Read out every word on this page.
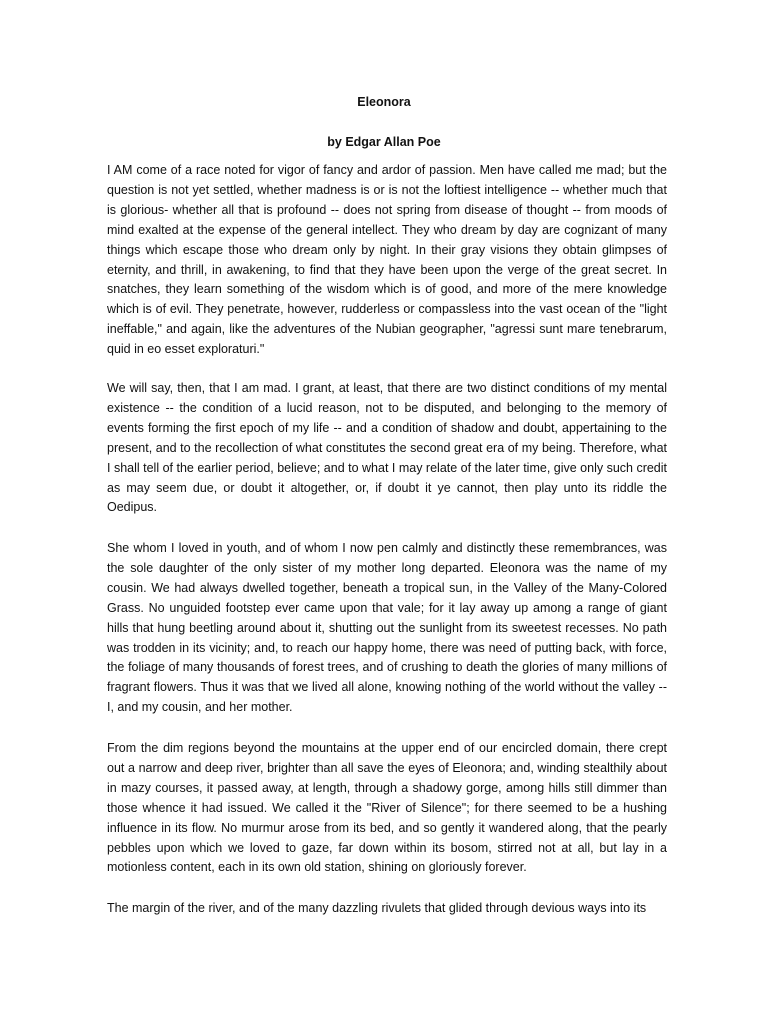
Eleonora
by Edgar Allan Poe

I AM come of a race noted for vigor of fancy and ardor of passion. Men have called me mad; but the question is not yet settled, whether madness is or is not the loftiest intelligence -- whether much that is glorious- whether all that is profound -- does not spring from disease of thought -- from moods of mind exalted at the expense of the general intellect. They who dream by day are cognizant of many things which escape those who dream only by night. In their gray visions they obtain glimpses of eternity, and thrill, in awakening, to find that they have been upon the verge of the great secret. In snatches, they learn something of the wisdom which is of good, and more of the mere knowledge which is of evil. They penetrate, however, rudderless or compassless into the vast ocean of the "light ineffable," and again, like the adventures of the Nubian geographer, "agressi sunt mare tenebrarum, quid in eo esset exploraturi."

We will say, then, that I am mad. I grant, at least, that there are two distinct conditions of my mental existence -- the condition of a lucid reason, not to be disputed, and belonging to the memory of events forming the first epoch of my life -- and a condition of shadow and doubt, appertaining to the present, and to the recollection of what constitutes the second great era of my being. Therefore, what I shall tell of the earlier period, believe; and to what I may relate of the later time, give only such credit as may seem due, or doubt it altogether, or, if doubt it ye cannot, then play unto its riddle the Oedipus.

She whom I loved in youth, and of whom I now pen calmly and distinctly these remembrances, was the sole daughter of the only sister of my mother long departed. Eleonora was the name of my cousin. We had always dwelled together, beneath a tropical sun, in the Valley of the Many-Colored Grass. No unguided footstep ever came upon that vale; for it lay away up among a range of giant hills that hung beetling around about it, shutting out the sunlight from its sweetest recesses. No path was trodden in its vicinity; and, to reach our happy home, there was need of putting back, with force, the foliage of many thousands of forest trees, and of crushing to death the glories of many millions of fragrant flowers. Thus it was that we lived all alone, knowing nothing of the world without the valley -- I, and my cousin, and her mother.

From the dim regions beyond the mountains at the upper end of our encircled domain, there crept out a narrow and deep river, brighter than all save the eyes of Eleonora; and, winding stealthily about in mazy courses, it passed away, at length, through a shadowy gorge, among hills still dimmer than those whence it had issued. We called it the "River of Silence"; for there seemed to be a hushing influence in its flow. No murmur arose from its bed, and so gently it wandered along, that the pearly pebbles upon which we loved to gaze, far down within its bosom, stirred not at all, but lay in a motionless content, each in its own old station, shining on gloriously forever.

The margin of the river, and of the many dazzling rivulets that glided through devious ways into its
